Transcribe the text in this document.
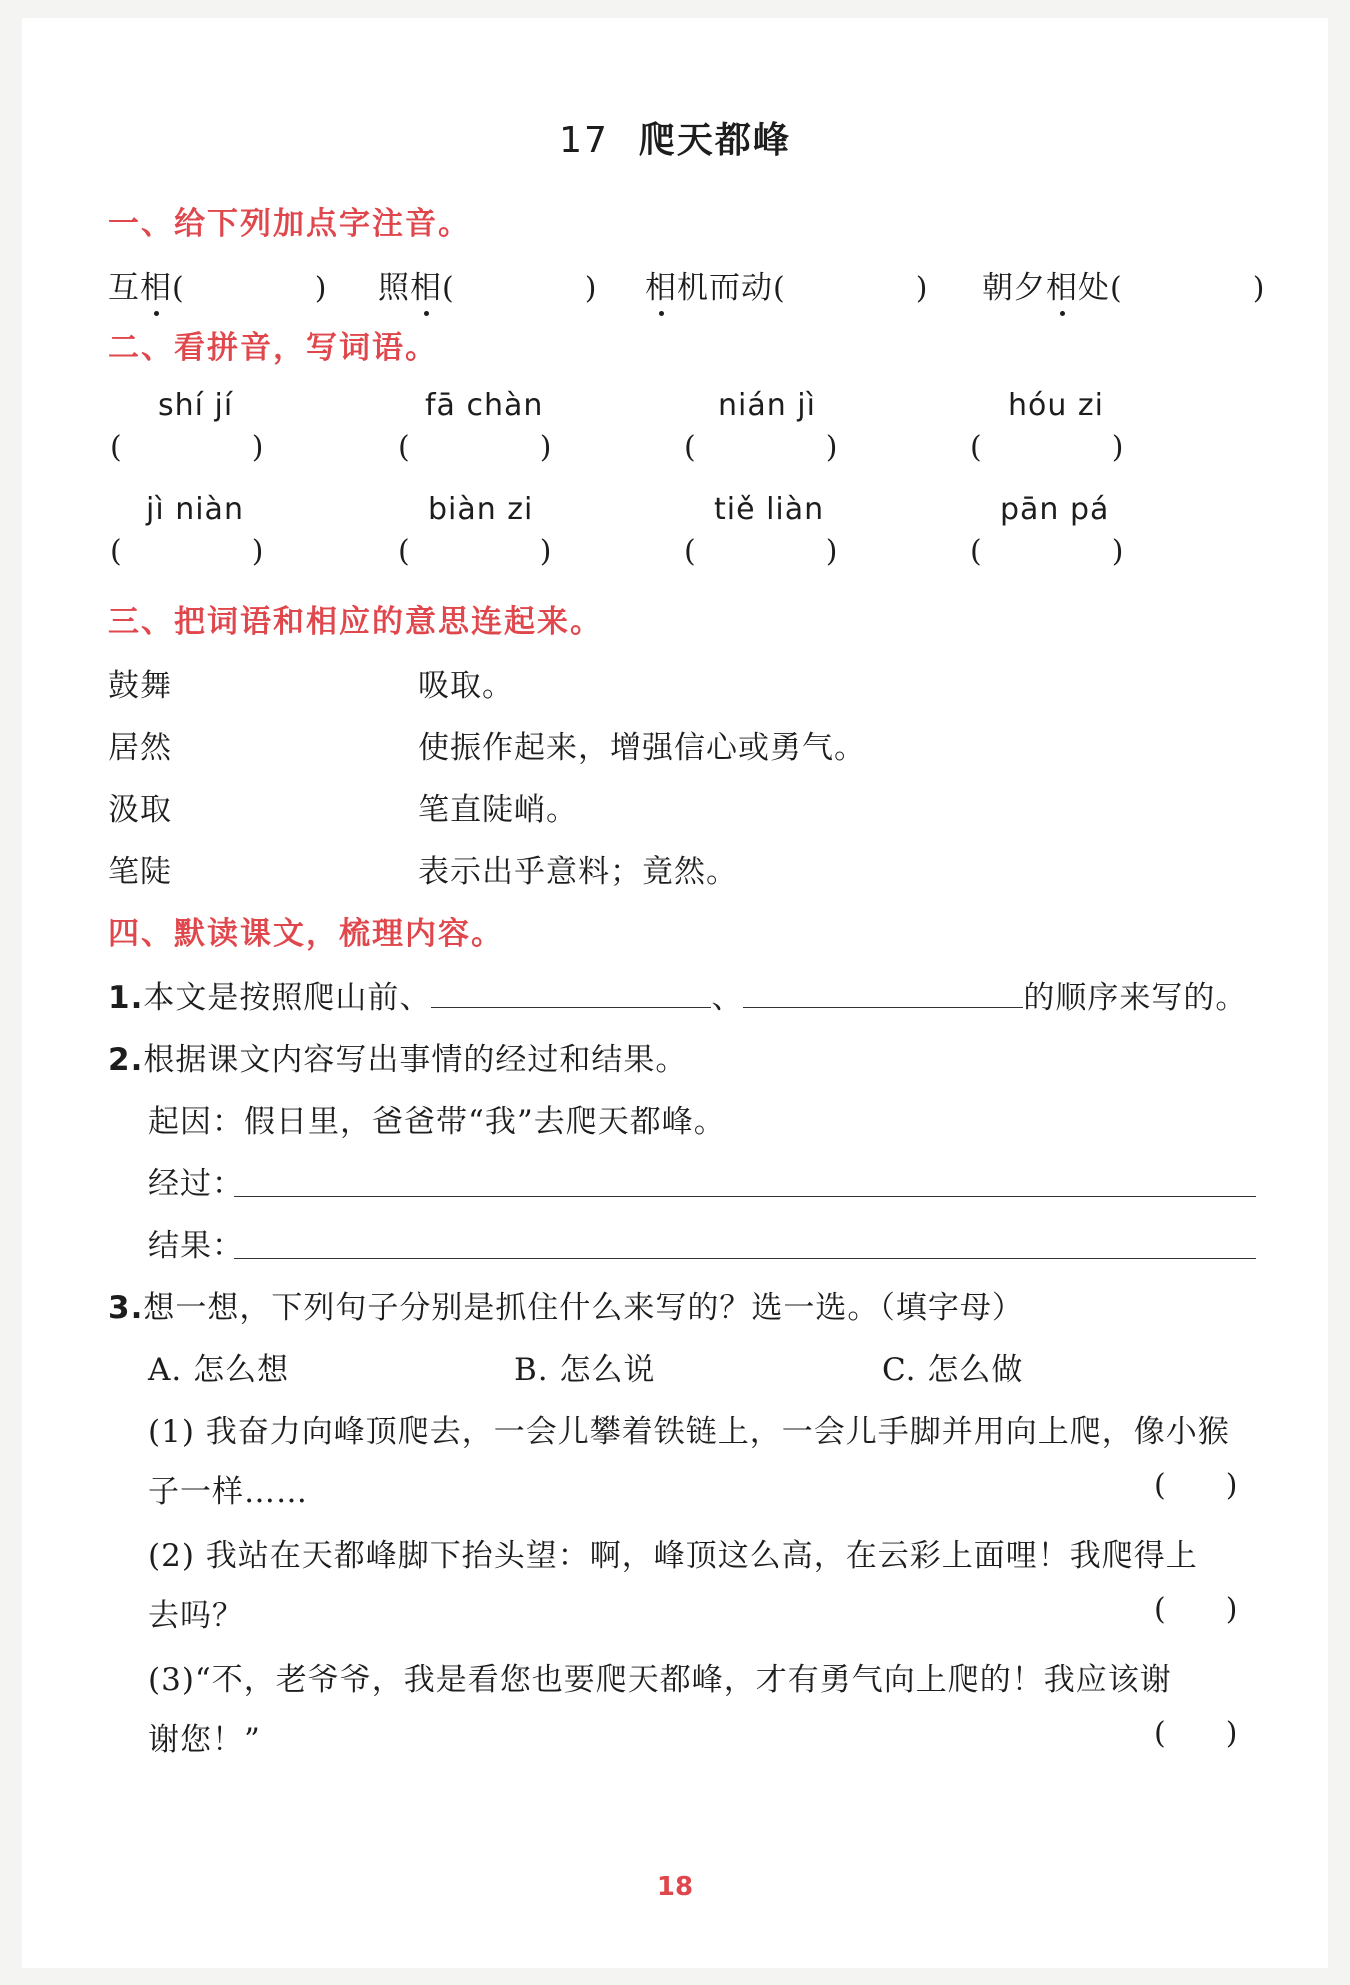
17 爬天都峰
一、给下列加点字注音。
互相(	) 照相(	) 相机而动(	) 朝夕相处(	)
二、看拼音，写词语。
shí jí	fā chàn	nián jì	hóu zi
(	)	(	)	(	)	(	)
jì niàn	biàn zi	tiě liàn	pān pá
(	)	(	)	(	)	(	)
三、把词语和相应的意思连起来。
鼓舞	吸取。
居然	使振作起来，增强信心或勇气。
汲取	笔直陡峭。
笔陡	表示出乎意料；竟然。
四、默读课文，梳理内容。
1.本文是按照爬山前、	、	的顺序来写的。
2.根据课文内容写出事情的经过和结果。
起因：假日里，爸爸带“我”去爬天都峰。
经过：
结果：
3.想一想，下列句子分别是抓住什么来写的？选一选。（填字母）
A. 怎么想	B. 怎么说	C. 怎么做
(1) 我奋力向峰顶爬去，一会儿攀着铁链上，一会儿手脚并用向上爬，像小猴
子一样……	( )
(2) 我站在天都峰脚下抬头望：啊，峰顶这么高，在云彩上面哩！我爬得上
去吗？	( )
(3)“不，老爷爷，我是看您也要爬天都峰，才有勇气向上爬的！我应该谢
谢您！”	( )
18
